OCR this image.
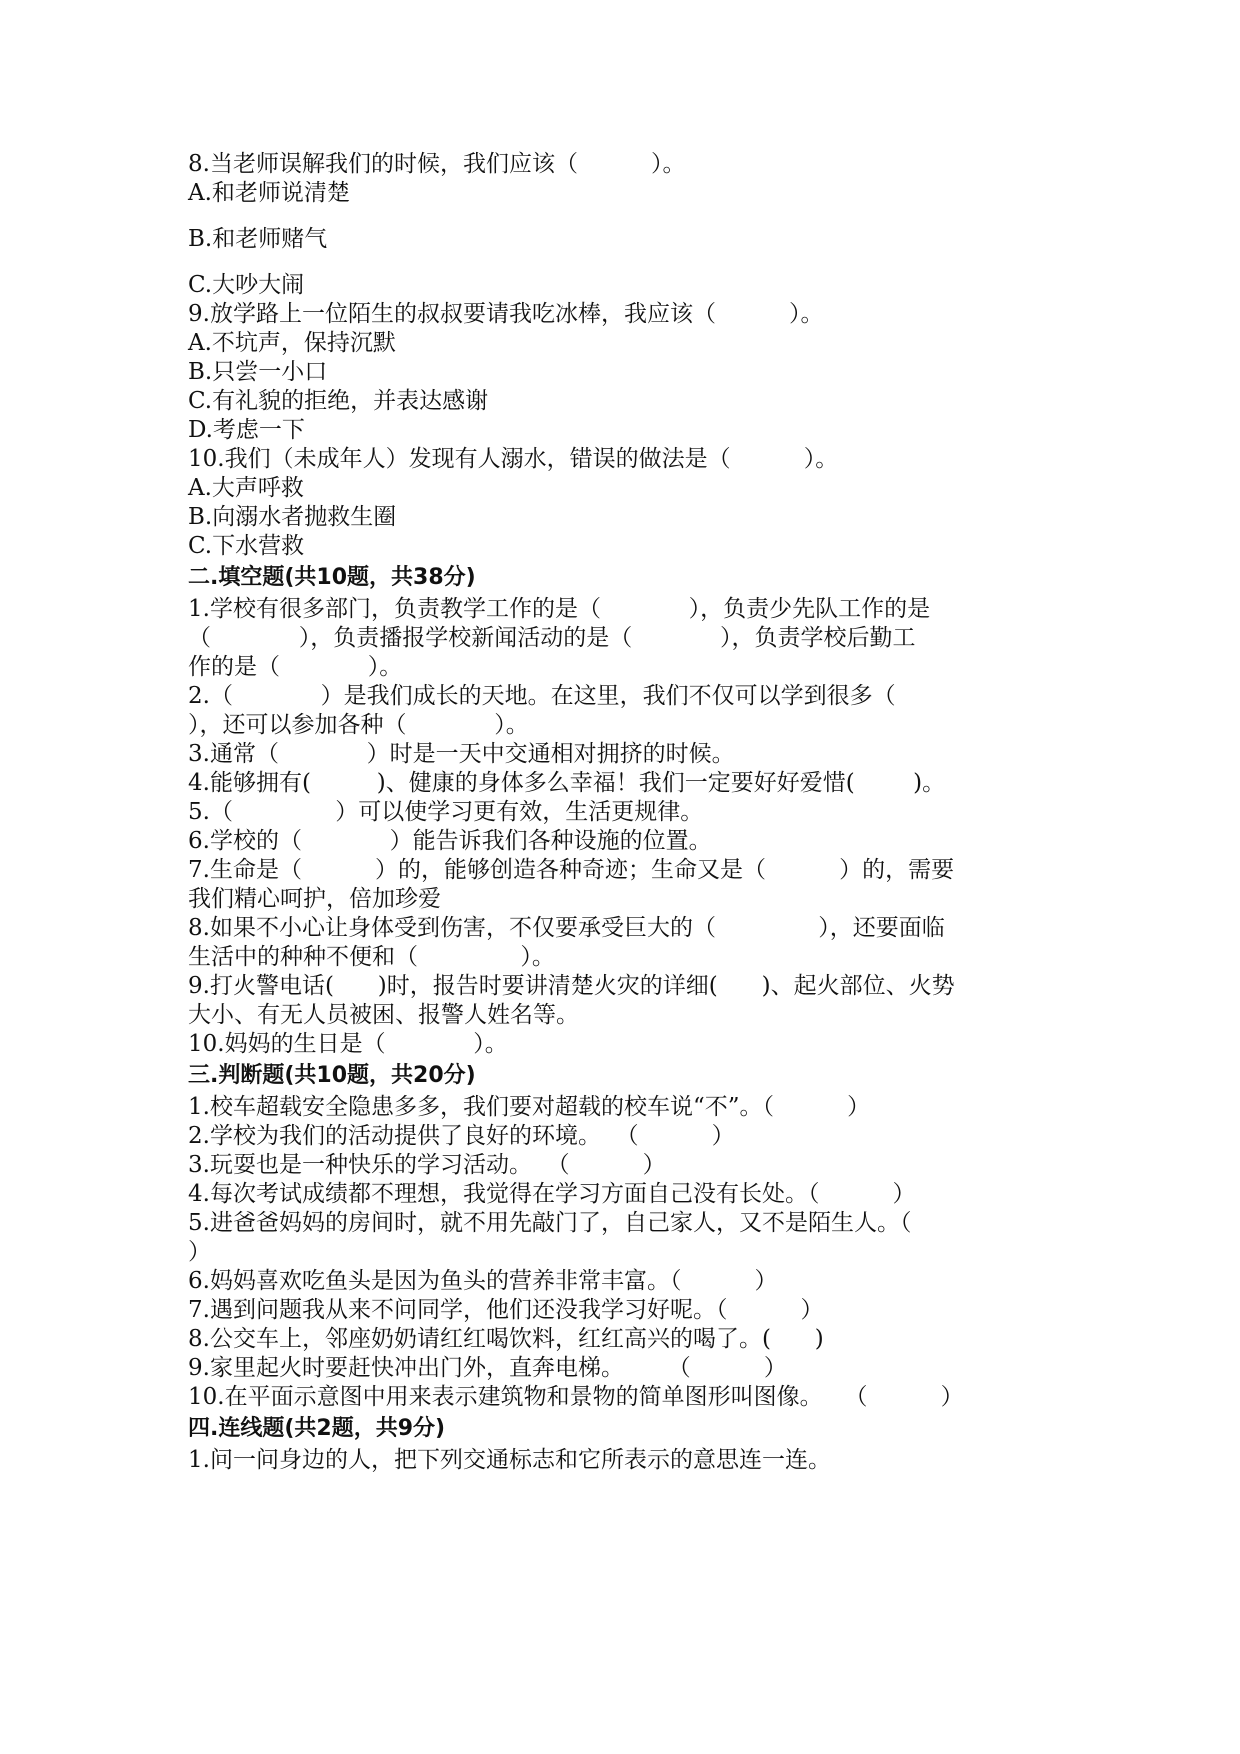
8.当老师误解我们的时候，我们应该（          ）。

A.和老师说清楚

B.和老师赌气

C.大吵大闹

9.放学路上一位陌生的叔叔要请我吃冰棒，我应该（          ）。

A.不坑声，保持沉默

B.只尝一小口

C.有礼貌的拒绝，并表达感谢

D.考虑一下

10.我们（未成年人）发现有人溺水，错误的做法是（          ）。

A.大声呼救

B.向溺水者抛救生圈

C.下水营救

二.填空题(共10题，共38分)

1.学校有很多部门，负责教学工作的是（            ），负责少先队工作的是

（            ），负责播报学校新闻活动的是（            ），负责学校后勤工

作的是（            ）。

2.（            ）是我们成长的天地。在这里，我们不仅可以学到很多（

），还可以参加各种（            ）。

3.通常（            ）时是一天中交通相对拥挤的时候。

4.能够拥有(         )、健康的身体多么幸福！我们一定要好好爱惜(        )。

5.（              ）可以使学习更有效，生活更规律。

6.学校的（            ）能告诉我们各种设施的位置。

7.生命是（          ）的，能够创造各种奇迹；生命又是（          ）的，需要

我们精心呵护，倍加珍爱

8.如果不小心让身体受到伤害，不仅要承受巨大的（              ），还要面临

生活中的种种不便和（              ）。

9.打火警电话(      )时，报告时要讲清楚火灾的详细(      )、起火部位、火势

大小、有无人员被困、报警人姓名等。

10.妈妈的生日是（            ）。

三.判断题(共10题，共20分)

1.校车超载安全隐患多多，我们要对超载的校车说“不”。（          ）

2.学校为我们的活动提供了良好的环境。  （          ）

3.玩耍也是一种快乐的学习活动。  （          ）

4.每次考试成绩都不理想，我觉得在学习方面自己没有长处。（          ）

5.进爸爸妈妈的房间时，就不用先敲门了，自己家人，又不是陌生人。（

）

6.妈妈喜欢吃鱼头是因为鱼头的营养非常丰富。（          ）

7.遇到问题我从来不问同学，他们还没我学习好呢。（          ）

8.公交车上，邻座奶奶请红红喝饮料，红红高兴的喝了。(      )

9.家里起火时要赶快冲出门外，直奔电梯。      （          ）

10.在平面示意图中用来表示建筑物和景物的简单图形叫图像。   （          ）

四.连线题(共2题，共9分)

1.问一问身边的人，把下列交通标志和它所表示的意思连一连。
